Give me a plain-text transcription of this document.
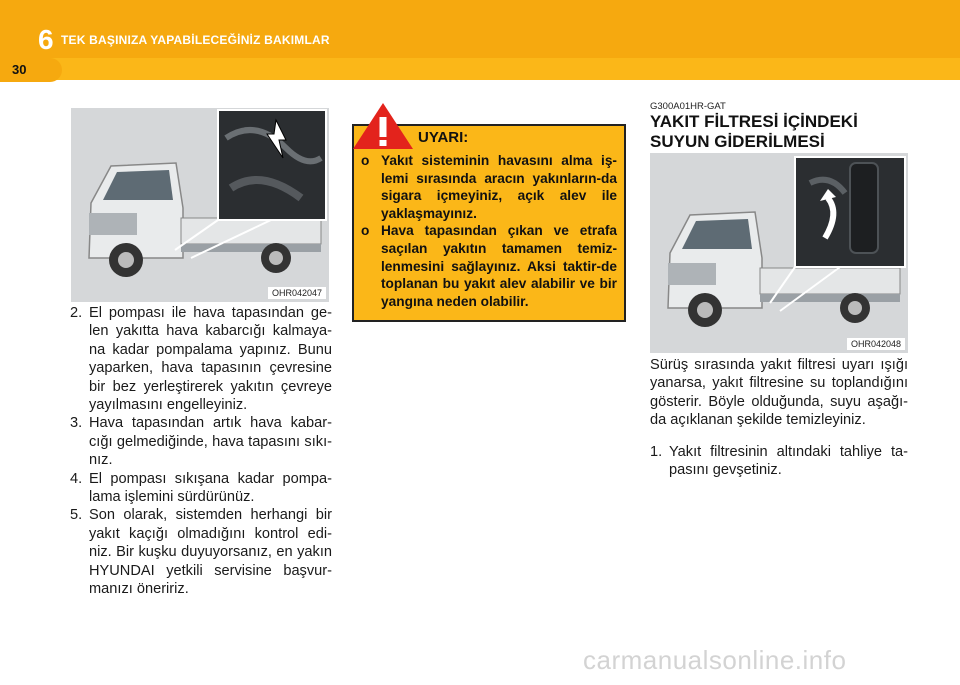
6 TEK BAŞINIZA YAPABİLECEĞİNİZ BAKIMLAR
30
OHR042047
2. El pompası ile hava tapasından ge-len yakıtta hava kabarcığı kalmaya-na kadar pompalama yapınız. Bunu yaparken, hava tapasının çevresine bir bez yerleştirerek yakıtın çevreye yayılmasını engelleyiniz.
3. Hava tapasından artık hava kabar-cığı gelmediğinde, hava tapasını sıkı-nız.
4. El pompası sıkışana kadar pompa-lama işlemini sürdürünüz.
5. Son olarak, sistemden herhangi bir yakıt kaçığı olmadığını kontrol edi-niz. Bir kuşku duyuyorsanız, en yakın HYUNDAI yetkili servisine başvur-manızı öneririz.
UYARI:
o Yakıt sisteminin havasını alma iş-lemi sırasında aracın yakınların-da sigara içmeyiniz, açık alev ile yaklaşmayınız.
o Hava tapasından çıkan ve etrafa saçılan yakıtın tamamen temiz-lenmesini sağlayınız. Aksi taktir-de toplanan bu yakıt alev alabilir ve bir yangına neden olabilir.
G300A01HR-GAT
YAKIT FİLTRESİ İÇİNDEKİ SUYUN GİDERİLMESİ
OHR042048

Sürüş sırasında yakıt filtresi uyarı ışığı yanarsa, yakıt filtresine su toplandığını gösterir. Böyle olduğunda, suyu aşağı-da açıklanan şekilde temizleyiniz.

1. Yakıt filtresinin altındaki tahliye ta-pasını gevşetiniz.
carmanualsonline.info
